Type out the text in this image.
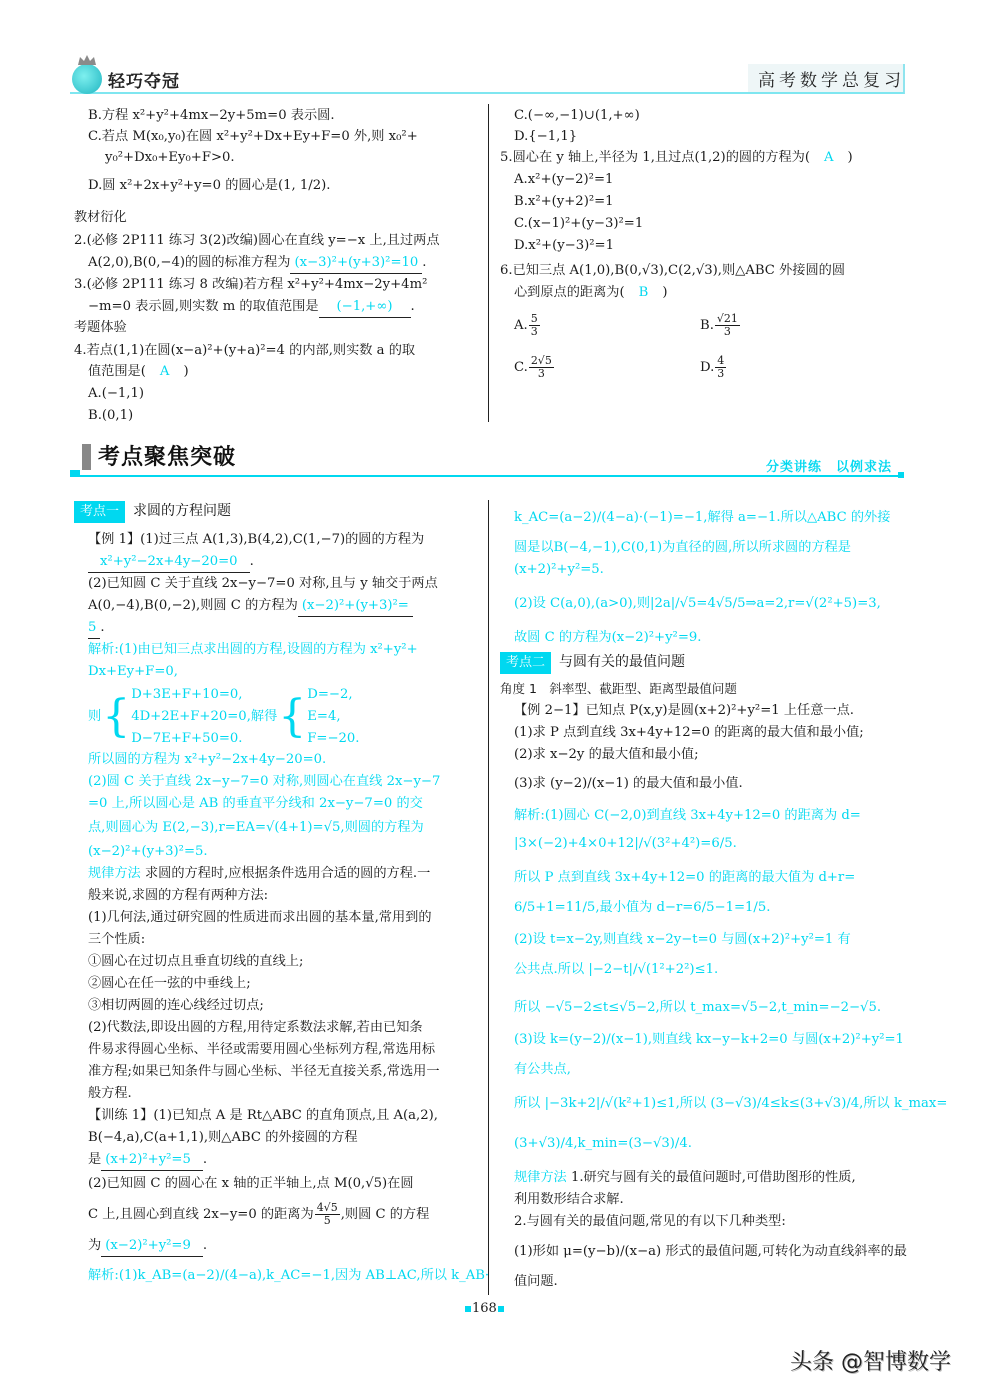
轻巧夺冠	高考数学总复习
B.方程 x²+y²+4mx−2y+5m=0 表示圆.
C.若点 M(x₀,y₀)在圆 x²+y²+Dx+Ey+F=0 外,则 x₀²+
y₀²+Dx₀+Ey₀+F>0.
D.圆 x²+2x+y²+y=0 的圆心是(1, 1/2).
教材衍化
2.(必修 2P111 练习 3(2)改编)圆心在直线 y=−x 上,且过两点
A(2,0),B(0,−4)的圆的标准方程为 (x−3)²+(y+3)²=10 .
3.(必修 2P111 练习 8 改编)若方程 x²+y²+4mx−2y+4m²
−m=0 表示圆,则实数 m 的取值范围是 (−1,+∞) .
考题体验
4.若点(1,1)在圆(x−a)²+(y+a)²=4 的内部,则实数 a 的取
值范围是( A )
A.(−1,1)
B.(0,1)
C.(−∞,−1)∪(1,+∞)
D.{−1,1}
5.圆心在 y 轴上,半径为 1,且过点(1,2)的圆的方程为( A )
A.x²+(y−2)²=1
B.x²+(y+2)²=1
C.(x−1)²+(y−3)²=1
D.x²+(y−3)²=1
6.已知三点 A(1,0),B(0,√3),C(2,√3),则△ABC 外接圆的圆
心到原点的距离为( B )
A. $\frac{5}{3}$	B. $\frac{√21}{3}$
C. $\frac{2√5}{3}$	D. $\frac{4}{3}$
考点聚焦突破	分类讲练　以例求法
考点一 求圆的方程问题
【例 1】(1)过三点 A(1,3),B(4,2),C(1,−7)的圆的方程为
x²+y²−2x+4y−20=0 .
(2)已知圆 C 关于直线 2x−y−7=0 对称,且与 y 轴交于两点
A(0,−4),B(0,−2),则圆 C 的方程为 (x−2)²+(y+3)²=
5 .
解析:(1)由已知三点求出圆的方程,设圆的方程为 x²+y²+
Dx+Ey+F=0,
则 { D+3E+F+10=0,
4D+2E+F+20=0,
D−7E+F+50=0.
解得 { D=−2,
E=4,
F=−20.
所以圆的方程为 x²+y²−2x+4y−20=0.
(2)圆 C 关于直线 2x−y−7=0 对称,则圆心在直线 2x−y−7
=0 上,所以圆心是 AB 的垂直平分线和 2x−y−7=0 的交
点,则圆心为 E(2,−3),r=EA=√(4+1)=√5,则圆的方程为
(x−2)²+(y+3)²=5.
规律方法 求圆的方程时,应根据条件选用合适的圆的方程.一
般来说,求圆的方程有两种方法:
(1)几何法,通过研究圆的性质进而求出圆的基本量,常用到的
三个性质:
①圆心在过切点且垂直切线的直线上;
②圆心在任一弦的中垂线上;
③相切两圆的连心线经过切点;
(2)代数法,即设出圆的方程,用待定系数法求解,若由已知条
件易求得圆心坐标、半径或需要用圆心坐标列方程,常选用标
准方程;如果已知条件与圆心坐标、半径无直接关系,常选用一
般方程.
【训练 1】(1)已知点 A 是 Rt△ABC 的直角顶点,且 A(a,2),
B(−4,a),C(a+1,1),则△ABC 的外接圆的方程
是 (x+2)²+y²=5 .
(2)已知圆 C 的圆心在 x 轴的正半轴上,点 M(0,√5)在圆
C 上,且圆心到直线 2x−y=0 的距离为 $\frac{4√5}{5}$ ,则圆 C 的方程
为 (x−2)²+y²=9 .
解析:(1)k_AB=(a−2)/(4−a),k_AC=−1,因为 AB⊥AC,所以 k_AB·
k_AC=(a−2)/(4−a)·(−1)=−1,解得 a=−1.所以△ABC 的外接
圆是以B(−4,−1),C(0,1)为直径的圆,所以所求圆的方程是
(x+2)²+y²=5.
(2)设 C(a,0),(a>0),则|2a|/√5=4√5/5⇒a=2,r=√(2²+5)=3,
故圆 C 的方程为(x−2)²+y²=9.
考点二 与圆有关的最值问题
角度 1　斜率型、截距型、距离型最值问题
【例 2−1】已知点 P(x,y)是圆(x+2)²+y²=1 上任意一点.
(1)求 P 点到直线 3x+4y+12=0 的距离的最大值和最小值;
(2)求 x−2y 的最大值和最小值;
(3)求 (y−2)/(x−1) 的最大值和最小值.
解析:(1)圆心 C(−2,0)到直线 3x+4y+12=0 的距离为 d=
|3×(−2)+4×0+12|/√(3²+4²)=6/5.
所以 P 点到直线 3x+4y+12=0 的距离的最大值为 d+r=
6/5+1=11/5,最小值为 d−r=6/5−1=1/5.
(2)设 t=x−2y,则直线 x−2y−t=0 与圆(x+2)²+y²=1 有
公共点.所以 |−2−t|/√(1²+2²)≤1.
所以 −√5−2≤t≤√5−2,所以 t_max=√5−2,t_min=−2−√5.
(3)设 k=(y−2)/(x−1),则直线 kx−y−k+2=0 与圆(x+2)²+y²=1
有公共点,
所以 |−3k+2|/√(k²+1)≤1,所以 (3−√3)/4≤k≤(3+√3)/4,所以 k_max=
(3+√3)/4,k_min=(3−√3)/4.
规律方法 1.研究与圆有关的最值问题时,可借助图形的性质,
利用数形结合求解.
2.与圆有关的最值问题,常见的有以下几种类型:
(1)形如 μ=(y−b)/(x−a) 形式的最值问题,可转化为动直线斜率的最
值问题.
168
头条 @智博数学
